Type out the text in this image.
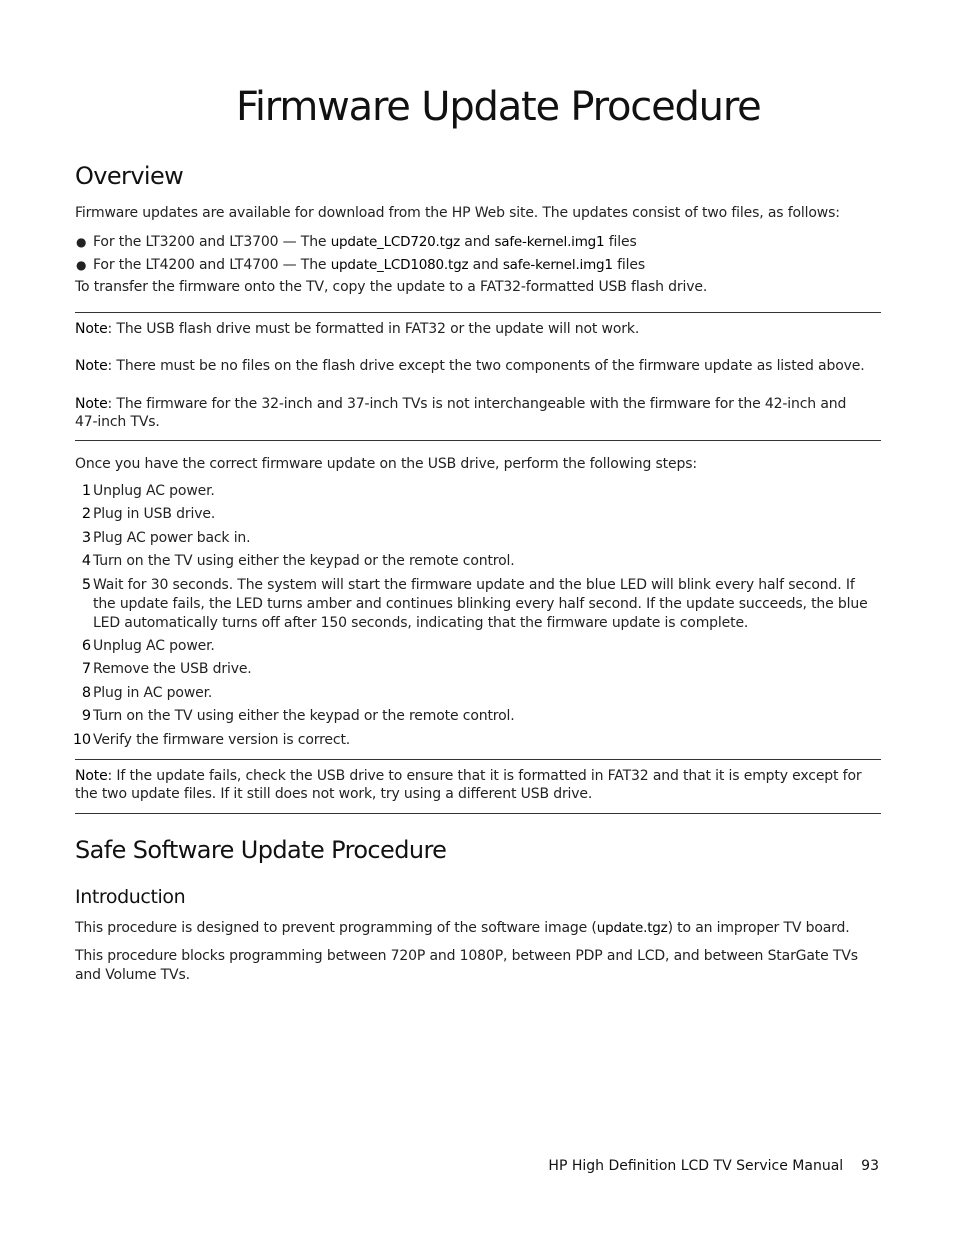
Firmware Update Procedure
Overview

Firmware updates are available for download from the HP Web site. The updates consist of two files, as follows:

● For the LT3200 and LT3700 — The update_LCD720.tgz and safe-kernel.img1 files
● For the LT4200 and LT4700 — The update_LCD1080.tgz and safe-kernel.img1 files

To transfer the firmware onto the TV, copy the update to a FAT32-formatted USB flash drive.

Note: The USB flash drive must be formatted in FAT32 or the update will not work.

Note: There must be no files on the flash drive except the two components of the firmware update as listed above.

Note: The firmware for the 32-inch and 37-inch TVs is not interchangeable with the firmware for the 42-inch and 47-inch TVs.

Once you have the correct firmware update on the USB drive, perform the following steps:

1 Unplug AC power.
2 Plug in USB drive.
3 Plug AC power back in.
4 Turn on the TV using either the keypad or the remote control.
5 Wait for 30 seconds. The system will start the firmware update and the blue LED will blink every half second. If the update fails, the LED turns amber and continues blinking every half second. If the update succeeds, the blue LED automatically turns off after 150 seconds, indicating that the firmware update is complete.
6 Unplug AC power.
7 Remove the USB drive.
8 Plug in AC power.
9 Turn on the TV using either the keypad or the remote control.
10 Verify the firmware version is correct.

Note: If the update fails, check the USB drive to ensure that it is formatted in FAT32 and that it is empty except for the two update files. If it still does not work, try using a different USB drive.

Safe Software Update Procedure
Introduction

This procedure is designed to prevent programming of the software image (update.tgz) to an improper TV board.

This procedure blocks programming between 720P and 1080P, between PDP and LCD, and between StarGate TVs and Volume TVs.

HP High Definition LCD TV Service Manual 93
